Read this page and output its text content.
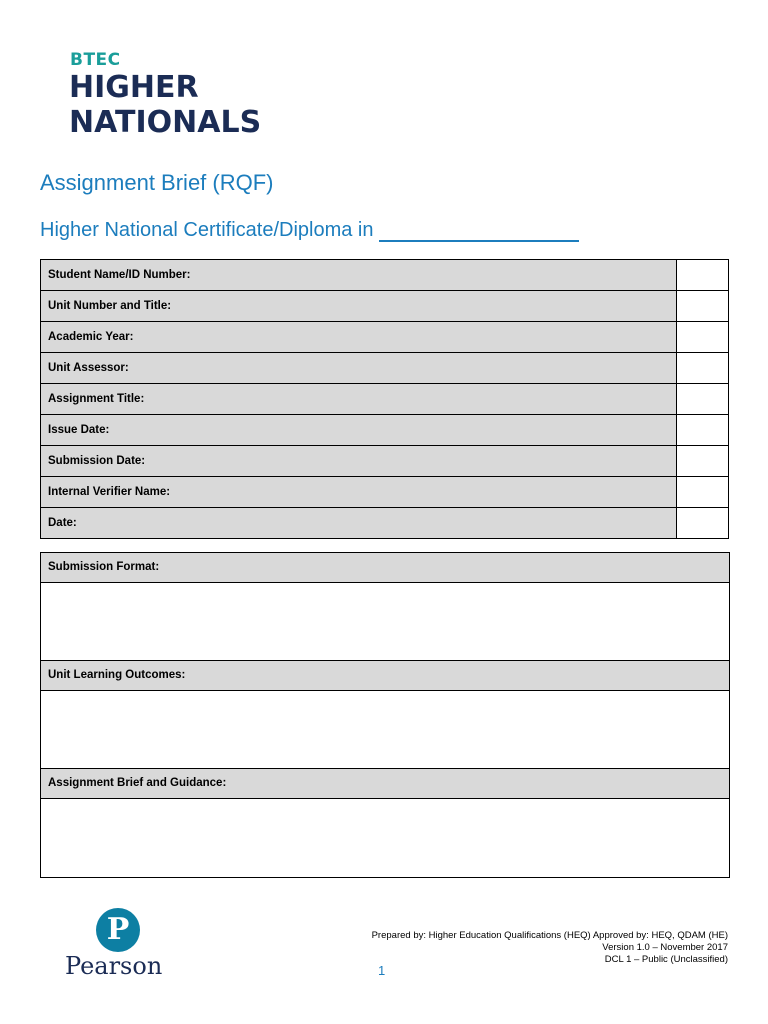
BTEC
HIGHER
NATIONALS
Assignment Brief (RQF)
Higher National Certificate/Diploma in
Student Name/ID Number:	
Unit Number and Title:	
Academic Year:	
Unit Assessor:	
Assignment Title:	
Issue Date:	
Submission Date:	
Internal Verifier Name:	
Date:	
Submission Format:
Unit Learning Outcomes:
Assignment Brief and Guidance:
P
Pearson
Prepared by: Higher Education Qualifications (HEQ) Approved by: HEQ, QDAM (HE)
Version 1.0 – November 2017
DCL 1 – Public (Unclassified)
1
